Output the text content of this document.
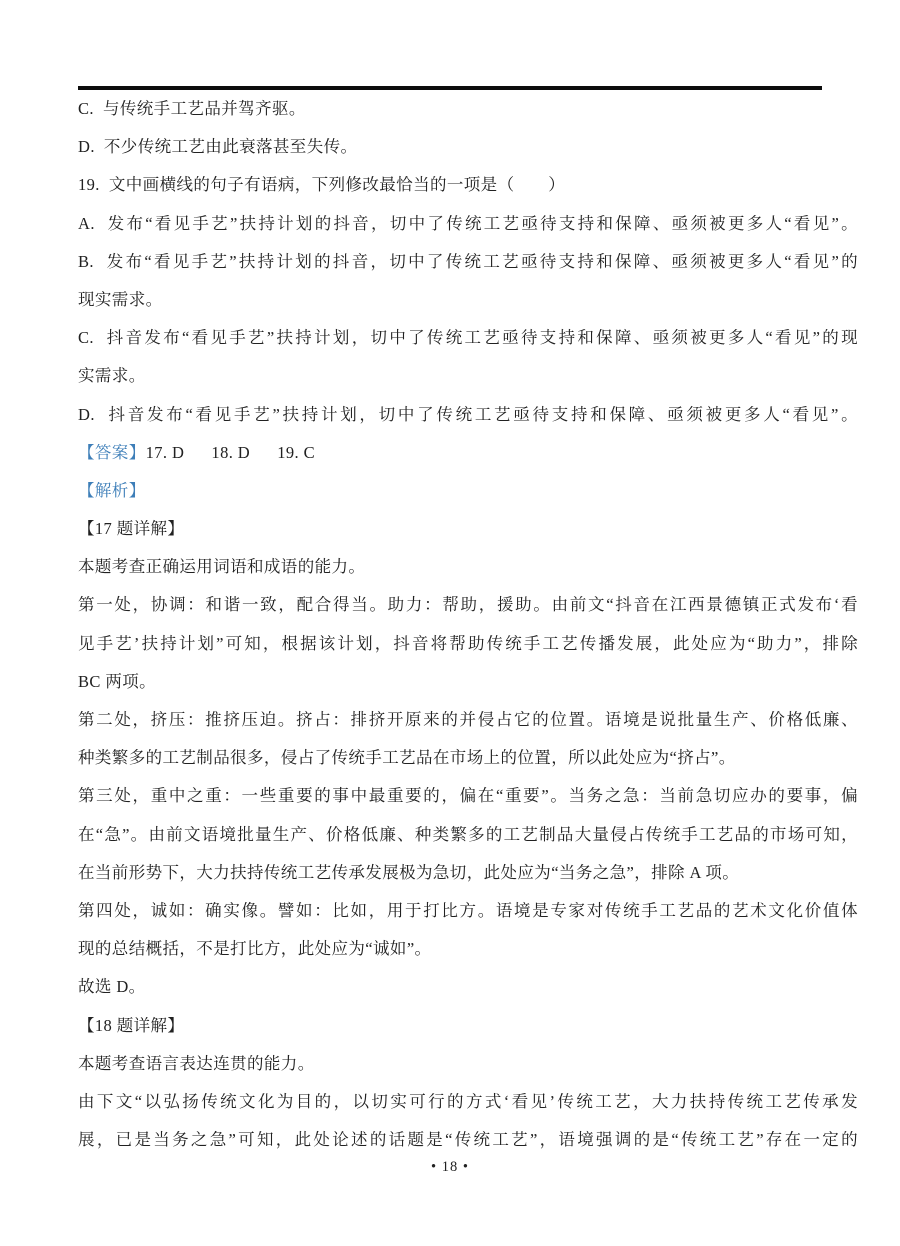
C.  与传统手工艺品并驾齐驱。
D.  不少传统工艺由此衰落甚至失传。
19.  文中画横线的句子有语病，下列修改最恰当的一项是（　　）
A.  发布“看见手艺”扶持计划的抖音，切中了传统工艺亟待支持和保障、亟须被更多人“看见”。
B.  发布“看见手艺”扶持计划的抖音，切中了传统工艺亟待支持和保障、亟须被更多人“看见”的
现实需求。
C.  抖音发布“看见手艺”扶持计划，切中了传统工艺亟待支持和保障、亟须被更多人“看见”的现
实需求。
D.  抖音发布“看见手艺”扶持计划，切中了传统工艺亟待支持和保障、亟须被更多人“看见”。
【答案】17. D      18. D      19. C
【解析】
【17 题详解】
本题考查正确运用词语和成语的能力。
第一处，协调：和谐一致，配合得当。助力：帮助，援助。由前文“抖音在江西景德镇正式发布‘看
见手艺’扶持计划”可知，根据该计划，抖音将帮助传统手工艺传播发展，此处应为“助力”，排除
BC 两项。
第二处，挤压：推挤压迫。挤占：排挤开原来的并侵占它的位置。语境是说批量生产、价格低廉、
种类繁多的工艺制品很多，侵占了传统手工艺品在市场上的位置，所以此处应为“挤占”。
第三处，重中之重：一些重要的事中最重要的，偏在“重要”。当务之急：当前急切应办的要事，偏
在“急”。由前文语境批量生产、价格低廉、种类繁多的工艺制品大量侵占传统手工艺品的市场可知，
在当前形势下，大力扶持传统工艺传承发展极为急切，此处应为“当务之急”，排除 A 项。
第四处，诚如：确实像。譬如：比如，用于打比方。语境是专家对传统手工艺品的艺术文化价值体
现的总结概括，不是打比方，此处应为“诚如”。
故选 D。
【18 题详解】
本题考查语言表达连贯的能力。
由下文“以弘扬传统文化为目的，以切实可行的方式‘看见’传统工艺，大力扶持传统工艺传承发
展，已是当务之急”可知，此处论述的话题是“传统工艺”，语境强调的是“传统工艺”存在一定的
• 18 •
